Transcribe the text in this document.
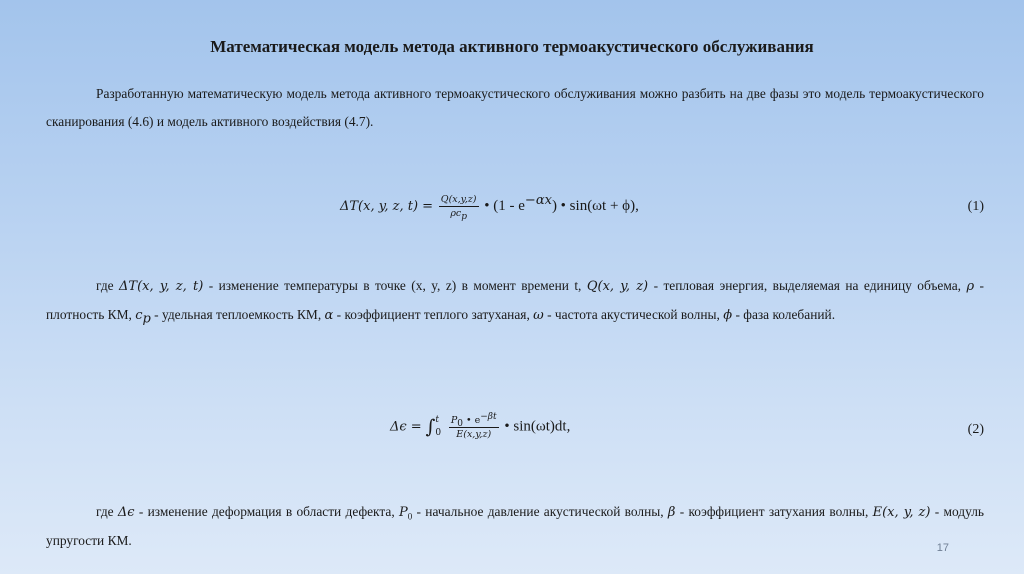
Математическая модель метода активного термоакустического обслуживания
Разработанную математическую модель метода активного термоакустического обслуживания можно разбить на две фазы это модель термоакустического сканирования (4.6) и модель активного воздействия (4.7).
ΔT(x, y, z, $t) = \frac{Q(x,y,z)}{\rho c_p}$ • $(1 - e^{-\alpha x})$ • sin(ωt + ϕ),	(1)
где ΔT(x, y, z, t) - изменение температуры в точке (x, y, z) в момент времени t, Q(x, y, z) - тепловая энергия, выделяемая на единицу объема, ρ - плотность КМ, $c_p$ - удельная теплоемкость КМ, α - коэффициент теплого затуханая, ω - частота акустической волны, ϕ - фаза колебаний.
Δϵ = ∫ t
0
$\frac{P_0 • e^{-\beta t}}{E(x,y,z)}$ • sin(ωt)dt,	(2)
где Δϵ - изменение деформация в области дефекта, $P_0$ - начальное давление акустической волны, β - коэффициент затухания волны, E(x, y, z) - модуль упругости КМ.	17
